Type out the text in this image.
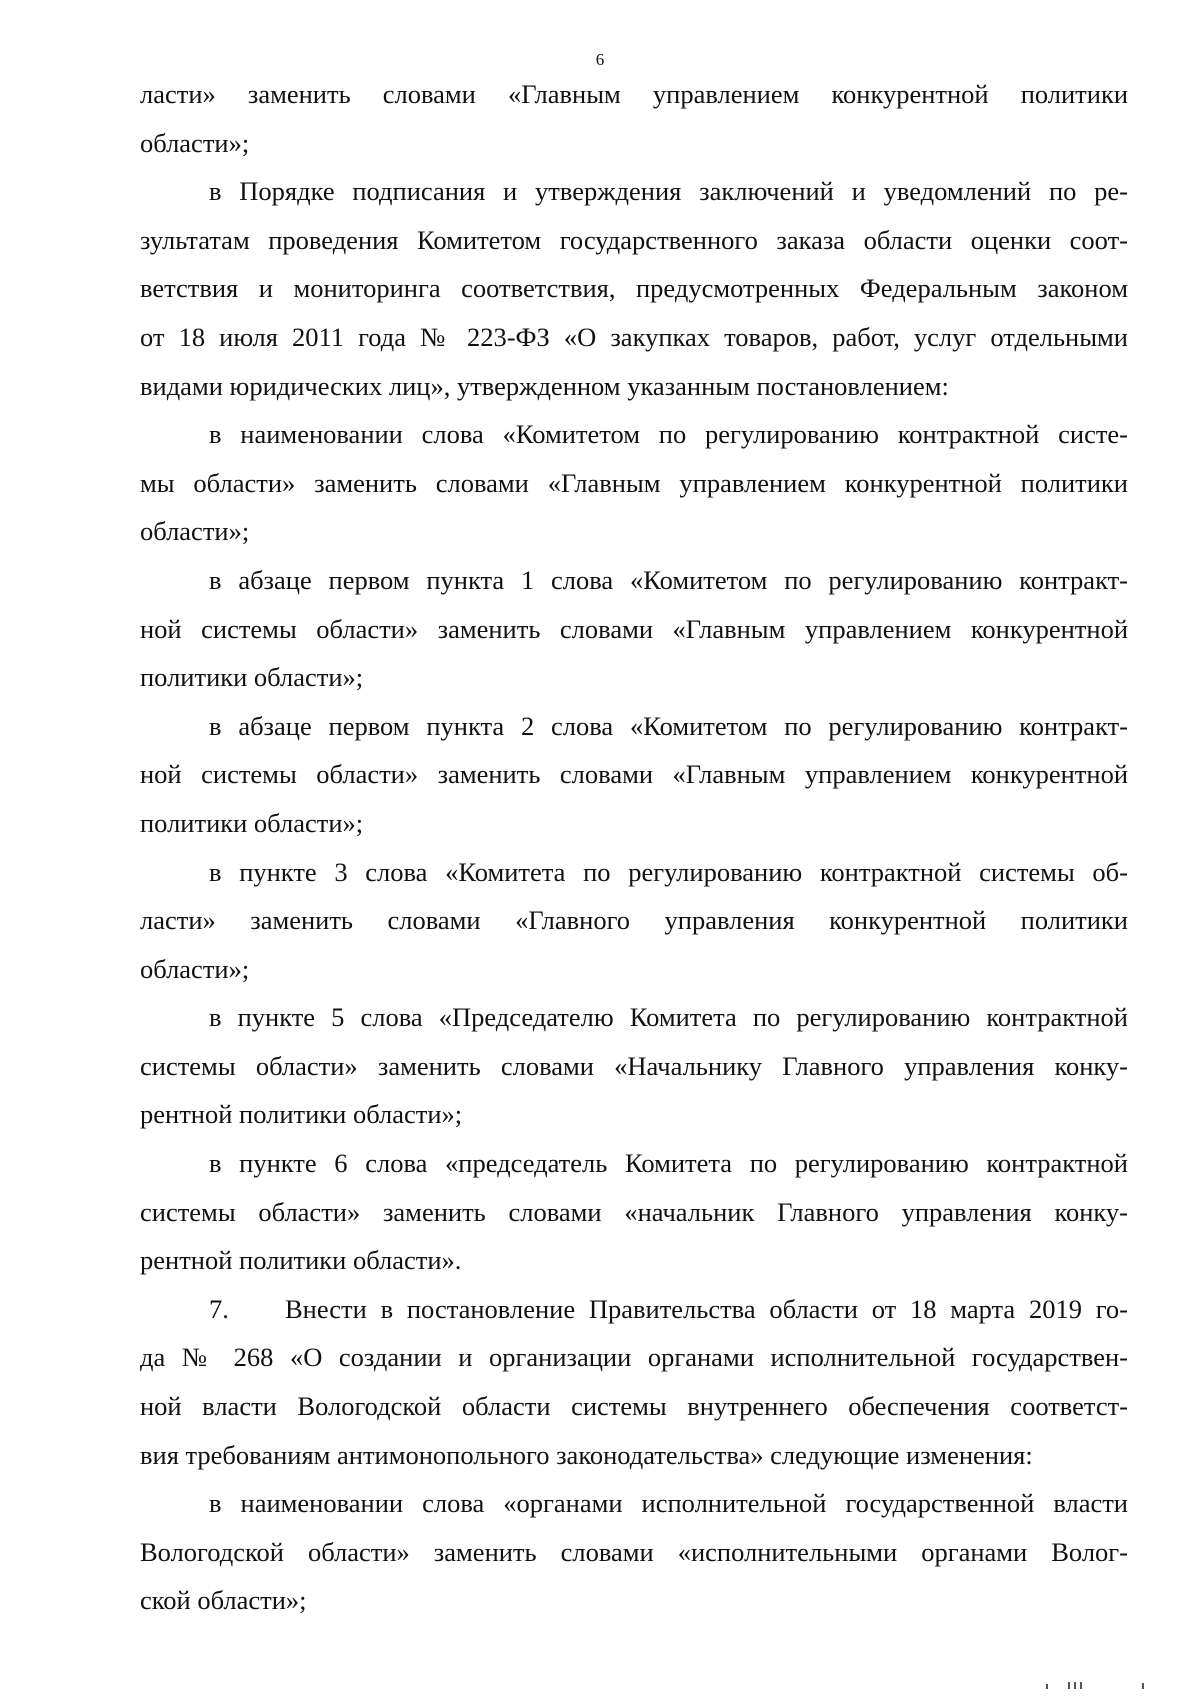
6
ласти» заменить словами «Главным управлением конкурентной политики
области»;
в Порядке подписания и утверждения заключений и уведомлений по ре-
зультатам проведения Комитетом государственного заказа области оценки соот-
ветствия и мониторинга соответствия, предусмотренных Федеральным законом
от 18 июля 2011 года № 223-ФЗ «О закупках товаров, работ, услуг отдельными
видами юридических лиц», утвержденном указанным постановлением:
в наименовании слова «Комитетом по регулированию контрактной систе-
мы области» заменить словами «Главным управлением конкурентной политики
области»;
в абзаце первом пункта 1 слова «Комитетом по регулированию контракт-
ной системы области» заменить словами «Главным управлением конкурентной
политики области»;
в абзаце первом пункта 2 слова «Комитетом по регулированию контракт-
ной системы области» заменить словами «Главным управлением конкурентной
политики области»;
в пункте 3 слова «Комитета по регулированию контрактной системы об-
ласти» заменить словами «Главного управления конкурентной политики
области»;
в пункте 5 слова «Председателю Комитета по регулированию контрактной
системы области» заменить словами «Начальнику Главного управления конку-
рентной политики области»;
в пункте 6 слова «председатель Комитета по регулированию контрактной
системы области» заменить словами «начальник Главного управления конку-
рентной политики области».
7. Внести в постановление Правительства области от 18 марта 2019 го-
да № 268 «О создании и организации органами исполнительной государствен-
ной власти Вологодской области системы внутреннего обеспечения соответст-
вия требованиям антимонопольного законодательства» следующие изменения:
в наименовании слова «органами исполнительной государственной власти
Вологодской области» заменить словами «исполнительными органами Волог-
ской области»;
